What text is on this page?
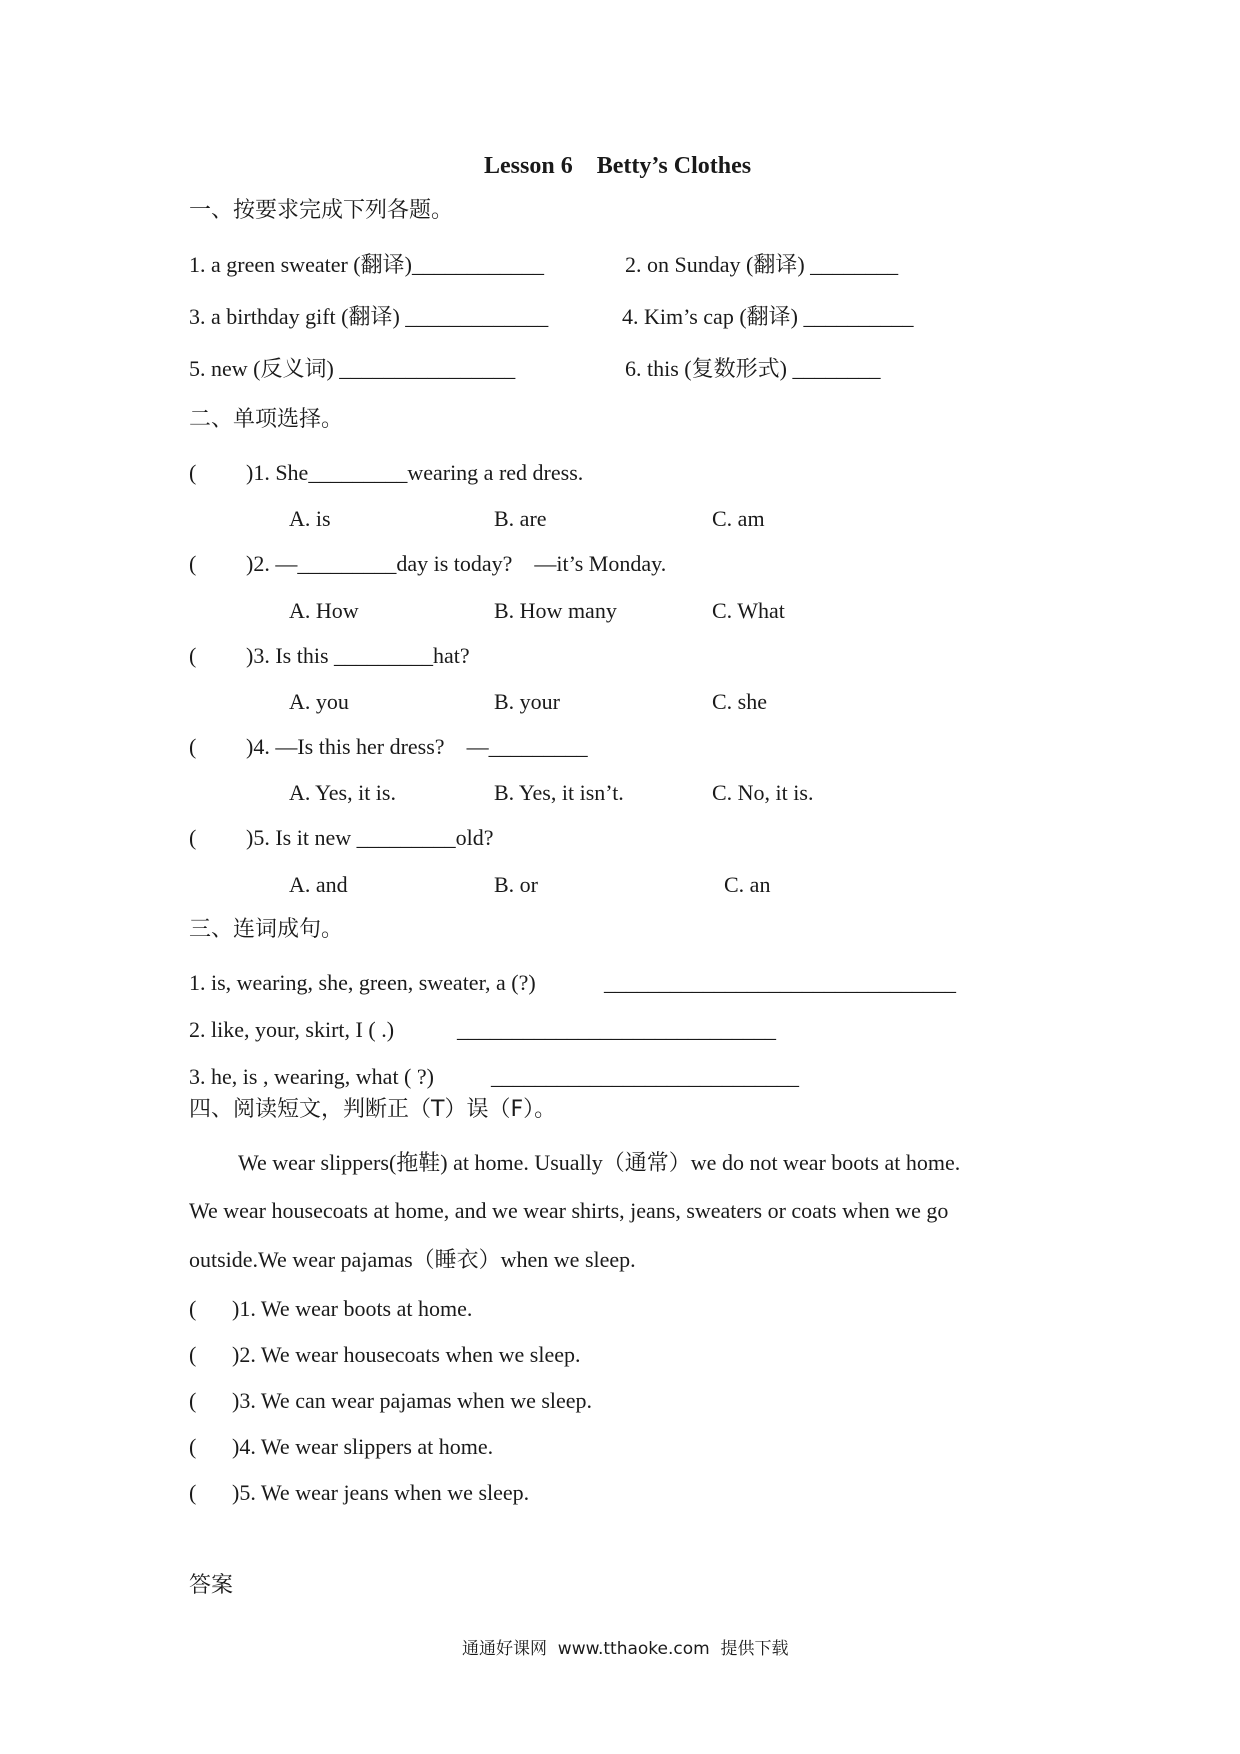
Lesson 6    Betty’s Clothes
一、按要求完成下列各题。
1. a green sweater (翻译)____________	2. on Sunday (翻译) ________
3. a birthday gift (翻译) _____________	4. Kim’s cap (翻译) __________
5. new (反义词) ________________	6. this (复数形式) ________
二、单项选择。
( )1. She_________wearing a red dress.
A. is	B. are	C. am
( )2. —_________day is today?    —it’s Monday.
A. How	B. How many	C. What
( )3. Is this _________hat?
A. you	B. your	C. she
( )4. —Is this her dress?    —_________
A. Yes, it is.	B. Yes, it isn’t.	C. No, it is.
( )5. Is it new _________old?
A. and	B. or	C. an
三、连词成句。
1. is, wearing, she, green, sweater, a (?)	________________________________
2. like, your, skirt, I ( .)	_____________________________
3. he, is , wearing, what ( ?)	____________________________
四、阅读短文，判断正（T）误（F）。
We wear slippers(拖鞋) at home. Usually（通常）we do not wear boots at home.
We wear housecoats at home, and we wear shirts, jeans, sweaters or coats when we go
outside.We wear pajamas（睡衣）when we sleep.
( )1. We wear boots at home.
( )2. We wear housecoats when we sleep.
( )3. We can wear pajamas when we sleep.
( )4. We wear slippers at home.
( )5. We wear jeans when we sleep.
答案
通通好课网  www.tthaoke.com  提供下载
